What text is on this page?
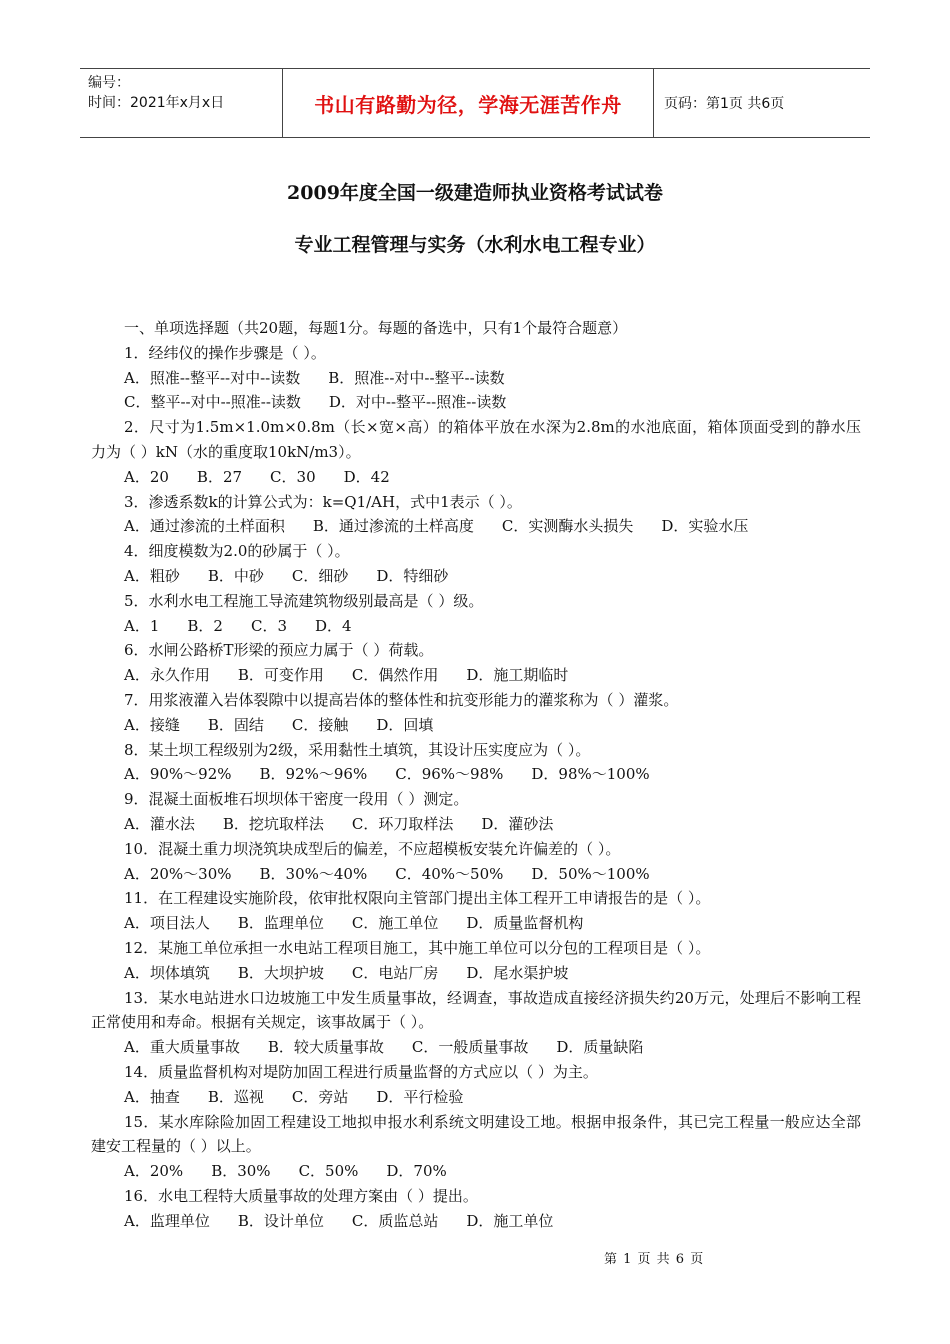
编号：
时间：2021年x月x日	书山有路勤为径，学海无涯苦作舟	页码：第1页 共6页
2009年度全国一级建造师执业资格考试试卷
专业工程管理与实务（水利水电工程专业）
一、单项选择题（共20题，每题1分。每题的备选中，只有1个最符合题意）
1．经纬仪的操作步骤是（ ）。
A．照准--整平--对中--读数 B．照准--对中--整平--读数
C．整平--对中--照准--读数 D．对中--整平--照准--读数
2．尺寸为1.5m×1.0m×0.8m（长×宽×高）的箱体平放在水深为2.8m的水池底面，箱体顶面受到的静水压力为（ ）kN（水的重度取10kN/m3）。
A．20 B．27 C．30 D．42
3．渗透系数k的计算公式为：k=Q1/AH，式中1表示（ ）。
A．通过渗流的土样面积 B．通过渗流的土样高度 C．实测酶水头损失 D．实验水压
4．细度模数为2.0的砂属于（ ）。
A．粗砂 B．中砂 C．细砂 D．特细砂
5．水利水电工程施工导流建筑物级别最高是（ ）级。
A．1 B．2 C．3 D．4
6．水闸公路桥T形梁的预应力属于（ ）荷载。
A．永久作用 B．可变作用 C．偶然作用 D．施工期临时
7．用浆液灌入岩体裂隙中以提高岩体的整体性和抗变形能力的灌浆称为（ ）灌浆。
A．接缝 B．固结 C．接触 D．回填
8．某土坝工程级别为2级，采用黏性土填筑，其设计压实度应为（ ）。
A．90%～92% B．92%～96% C．96%～98% D．98%～100%
9．混凝土面板堆石坝坝体干密度一段用（ ）测定。
A．灌水法 B．挖坑取样法 C．环刀取样法 D．灌砂法
10．混凝土重力坝浇筑块成型后的偏差，不应超模板安装允许偏差的（ ）。
A．20%～30% B．30%～40% C．40%～50% D．50%～100%
11．在工程建设实施阶段，依审批权限向主管部门提出主体工程开工申请报告的是（ ）。
A．项目法人 B．监理单位 C．施工单位 D．质量监督机构
12．某施工单位承担一水电站工程项目施工，其中施工单位可以分包的工程项目是（ ）。
A．坝体填筑 B．大坝护坡 C．电站厂房 D．尾水渠护坡
13．某水电站进水口边坡施工中发生质量事故，经调查，事故造成直接经济损失约20万元，处理后不影响工程正常使用和寿命。根据有关规定，该事故属于（ ）。
A．重大质量事故 B．较大质量事故 C．一般质量事故 D．质量缺陷
14．质量监督机构对堤防加固工程进行质量监督的方式应以（ ）为主。
A．抽查 B．巡视 C．旁站 D．平行检验
15．某水库除险加固工程建设工地拟申报水利系统文明建设工地。根据申报条件，其已完工程量一般应达全部建安工程量的（ ）以上。
A．20% B．30% C．50% D．70%
16．水电工程特大质量事故的处理方案由（ ）提出。
A．监理单位 B．设计单位 C．质监总站 D．施工单位
第 1 页 共 6 页
